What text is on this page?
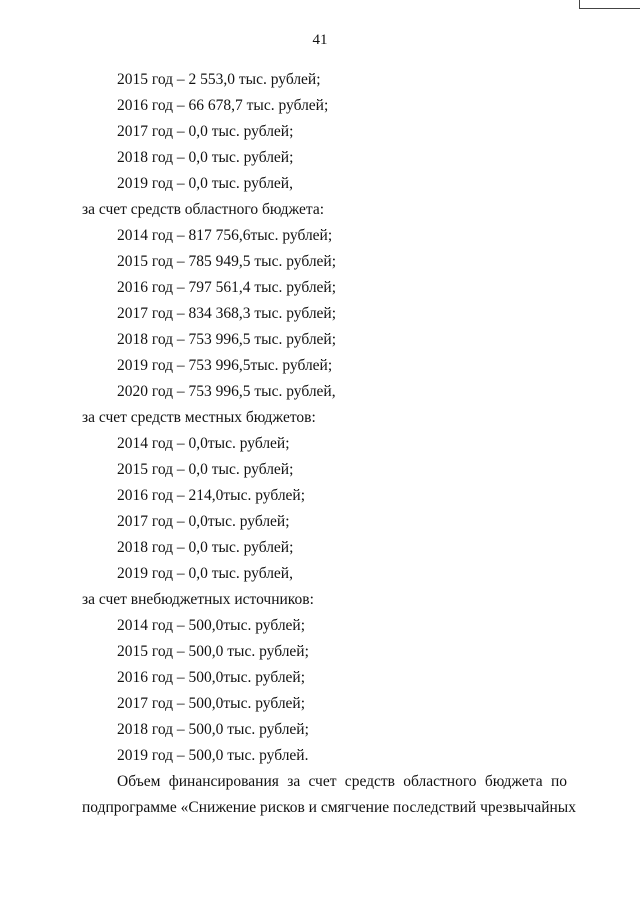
41
2015 год – 2 553,0 тыс. рублей;
2016 год – 66 678,7 тыс. рублей;
2017 год – 0,0 тыс. рублей;
2018 год – 0,0 тыс. рублей;
2019 год – 0,0 тыс. рублей,
за счет средств областного бюджета:
2014 год – 817 756,6тыс. рублей;
2015 год – 785 949,5 тыс. рублей;
2016 год – 797 561,4 тыс. рублей;
2017 год – 834 368,3 тыс. рублей;
2018 год – 753 996,5 тыс. рублей;
2019 год – 753 996,5тыс. рублей;
2020 год – 753 996,5 тыс. рублей,
за счет средств местных бюджетов:
2014 год – 0,0тыс. рублей;
2015 год – 0,0 тыс. рублей;
2016 год – 214,0тыс. рублей;
2017 год – 0,0тыс. рублей;
2018 год – 0,0 тыс. рублей;
2019 год – 0,0 тыс. рублей,
за счет внебюджетных источников:
2014 год – 500,0тыс. рублей;
2015 год – 500,0 тыс. рублей;
2016 год – 500,0тыс. рублей;
2017 год – 500,0тыс. рублей;
2018 год – 500,0 тыс. рублей;
2019 год – 500,0 тыс. рублей.
Объем финансирования за счет средств областного бюджета по
подпрограмме «Снижение рисков и смягчение последствий чрезвычайных
